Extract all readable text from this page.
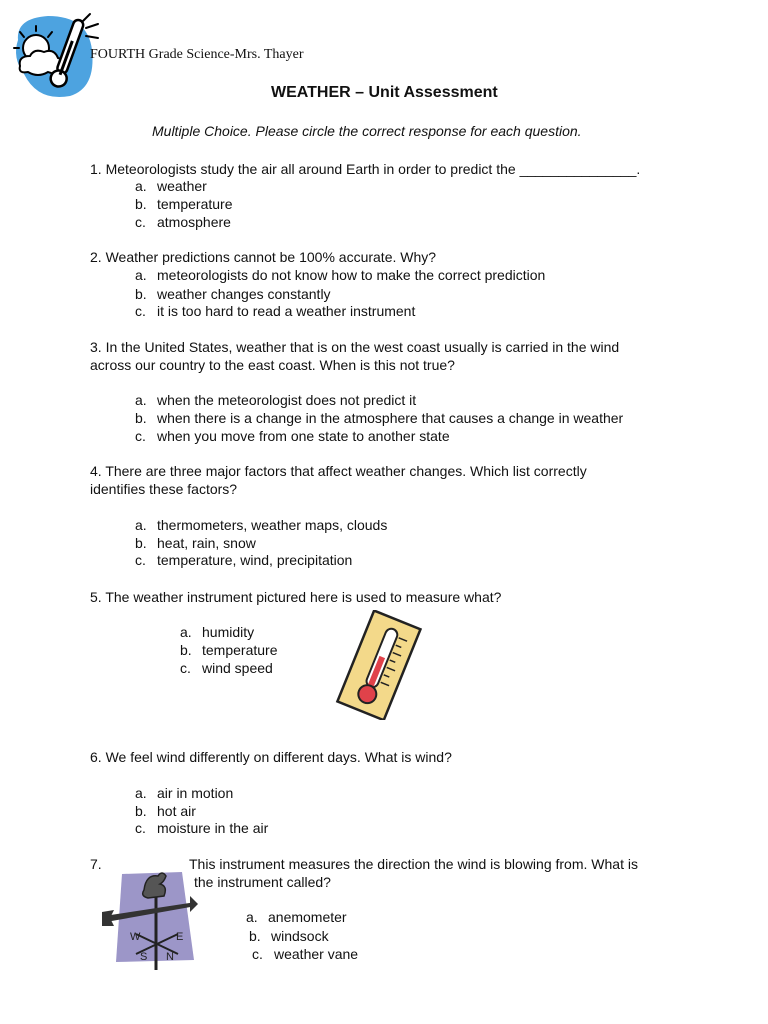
FOURTH Grade Science-Mrs. Thayer
WEATHER – Unit Assessment
Multiple Choice. Please circle the correct response for each question.
1. Meteorologists study the air all around Earth in order to predict the _______________.
a. weather
b. temperature
c. atmosphere
2. Weather predictions cannot be 100% accurate. Why?
a. meteorologists do not know how to make the correct prediction
b. weather changes constantly
c. it is too hard to read a weather instrument
3. In the United States, weather that is on the west coast usually is carried in the wind
across our country to the east coast. When is this not true?
a. when the meteorologist does not predict it
b. when there is a change in the atmosphere that causes a change in weather
c. when you move from one state to another state
4. There are three major factors that affect weather changes. Which list correctly
identifies these factors?
a. thermometers, weather maps, clouds
b. heat, rain, snow
c. temperature, wind, precipitation
5. The weather instrument pictured here is used to measure what?
a. humidity
b. temperature
c. wind speed
6. We feel wind differently on different days. What is wind?
a. air in motion
b. hot air
c. moisture in the air
7.	This instrument measures the direction the wind is blowing from. What is
the instrument called?
a. anemometer
b. windsock
c. weather vane
W	E
S N
